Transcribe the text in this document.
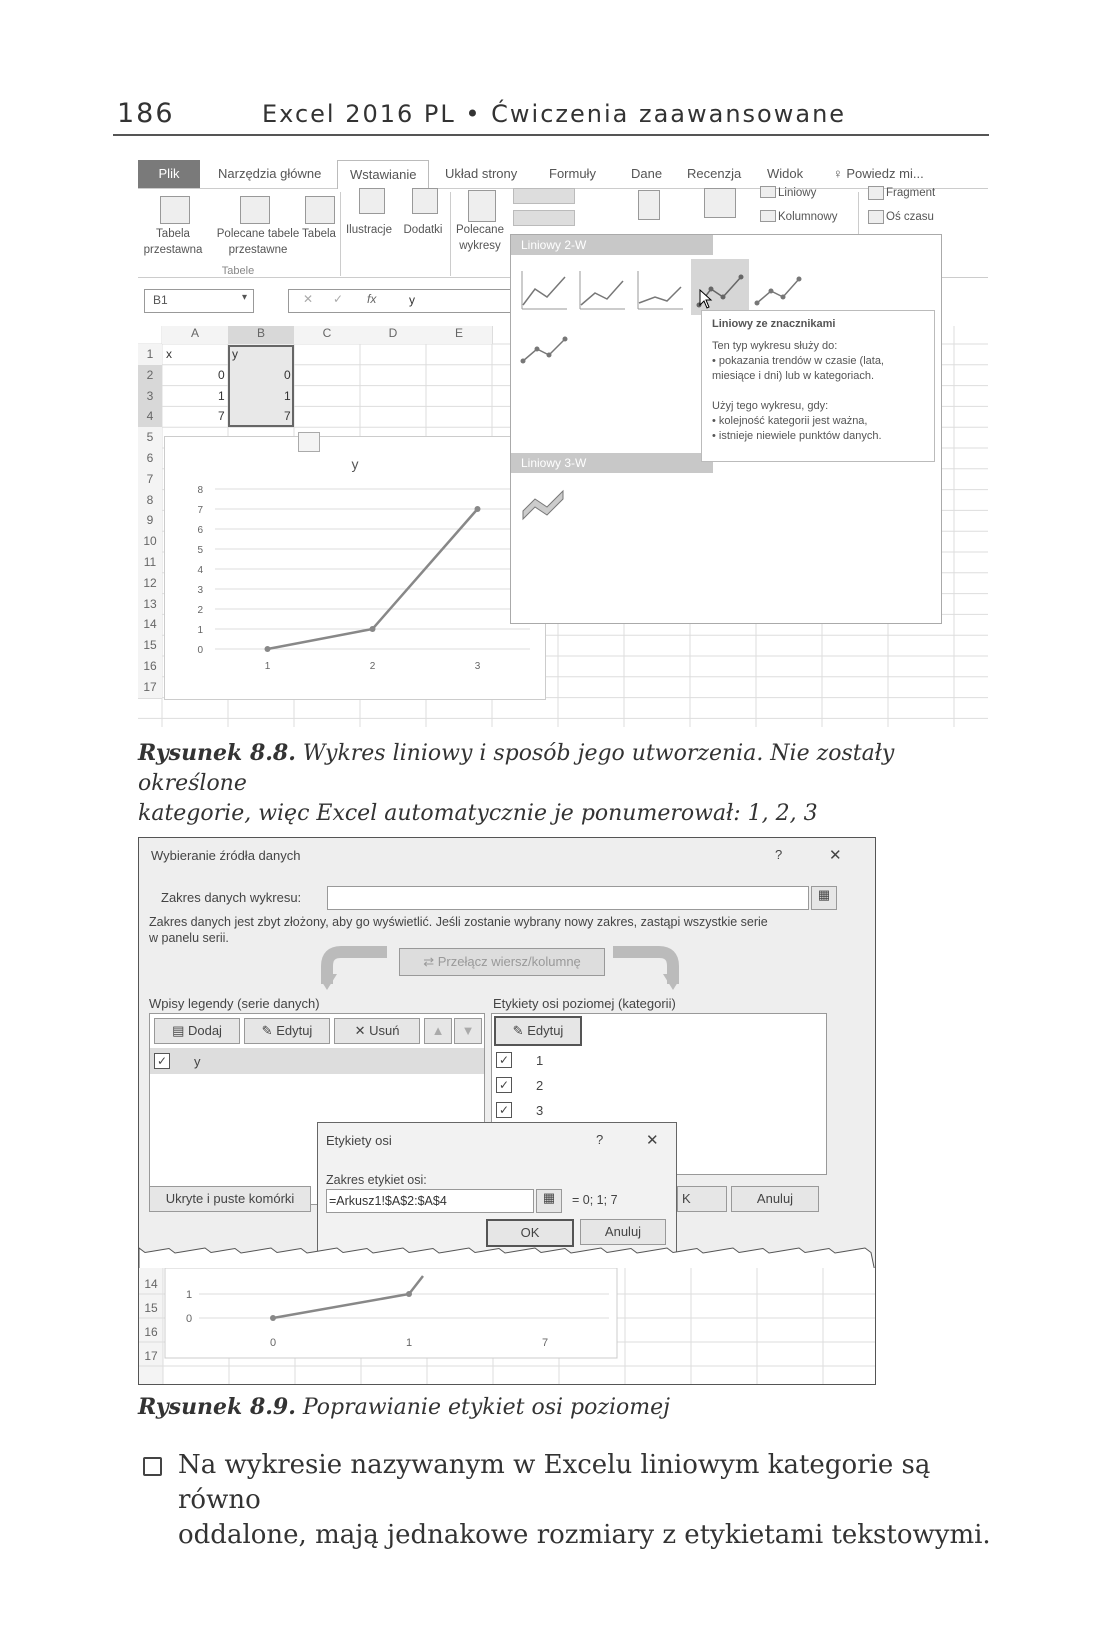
186	Excel 2016 PL • Ćwiczenia zaawansowane
Plik	Narzędzia główne	Wstawianie	Układ strony Formuły	Dane Recenzja Widok ♀ Powiedz mi...
Tabela
przestawna
Polecane tabele
przestawne
Tabela
Tabele
Ilustracje Dodatki	Polecane
wykresy
Liniowy
Kolumnowy
Fragment
Oś czasu
B1	▾	✕ ✓ fx	y
A	B	C	D	E
1
2
3
4
5
6
7
8
9
10
11
12
13
14
15
16
17
x	y
0	0
1	1
7	7
y
0
1
2
3
4
5
6
7
8
1	2	3
Liniowy 2-W
Liniowy 3-W
Liniowy ze znacznikami
Ten typ wykresu służy do:
• pokazania trendów w czasie (lata,
miesiące i dni) lub w kategoriach.
Użyj tego wykresu, gdy:
• kolejność kategorii jest ważna,
• istnieje niewiele punktów danych.
Rysunek 8.8. Wykres liniowy i sposób jego utworzenia. Nie zostały określone
kategorie, więc Excel automatycznie je ponumerował: 1, 2, 3
Wybieranie źródła danych	?	✕
Zakres danych wykresu:	▦
Zakres danych jest zbyt złożony, aby go wyświetlić. Jeśli zostanie wybrany nowy zakres, zastąpi wszystkie serie
w panelu serii.
⇄ Przełącz wiersz/kolumnę
Wpisy legendy (serie danych)	Etykiety osi poziomej (kategorii)
▤ Dodaj	✎ Edytuj	✕ Usuń	▲	▼
✓ y
✎ Edytuj
✓ 1
✓ 2
✓ 3
Ukryte i puste komórki	K	Anuluj
Etykiety osi	?	✕
Zakres etykiet osi:
=Arkusz1!$A$2:$A$4	▦	= 0; 1; 7
OK	Anuluj
14
15
16
17
0
1
0	1	7
Rysunek 8.9. Poprawianie etykiet osi poziomej
Na wykresie nazywanym w Excelu liniowym kategorie są równo
oddalone, mają jednakowe rozmiary z etykietami tekstowymi.
